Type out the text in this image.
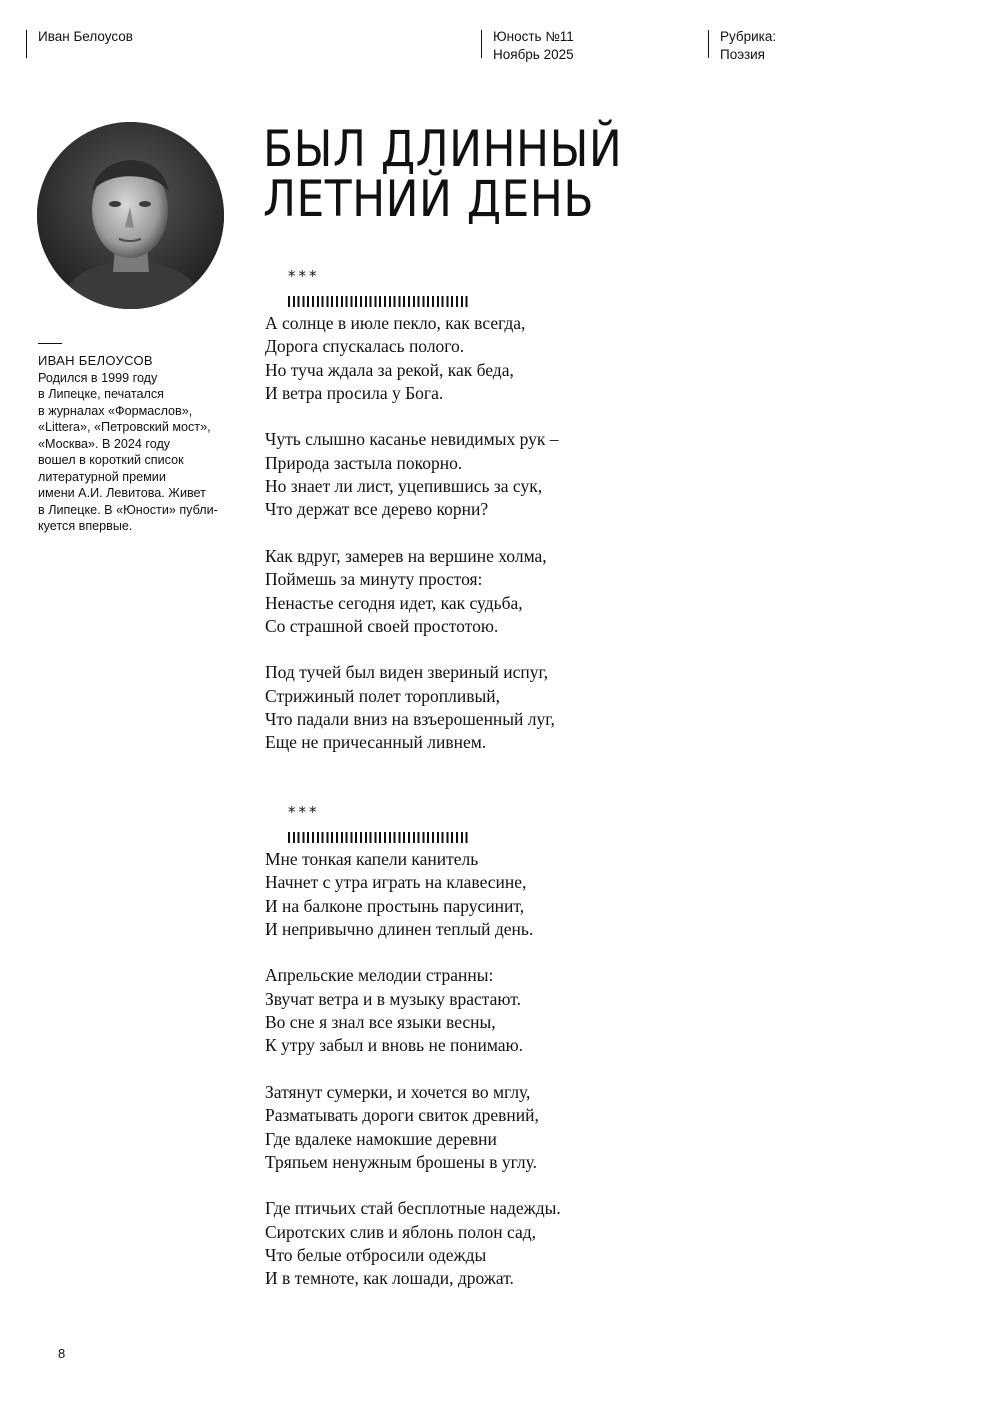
Иван Белоусов	Юность №11
Ноябрь 2025
Рубрика:
Поэзия
ИВАН БЕЛОУСОВ
Родился в 1999 году
в Липецке, печатался
в журналах «Формаслов»,
«Littera», «Петровский мост»,
«Москва». В 2024 году
вошел в короткий список
литературной премии
имени А.И. Левитова. Живет
в Липецке. В «Юности» публи-
куется впервые.
БЫЛ ДЛИННЫЙ
ЛЕТНИЙ ДЕНЬ
***
А солнце в июле пекло, как всегда,
Дорога спускалась полого.
Но туча ждала за рекой, как беда,
И ветра просила у Бога.
Чуть слышно касанье невидимых рук –
Природа застыла покорно.
Но знает ли лист, уцепившись за сук,
Что держат все дерево корни?
Как вдруг, замерев на вершине холма,
Поймешь за минуту простоя:
Ненастье сегодня идет, как судьба,
Со страшной своей простотою.
Под тучей был виден звериный испуг,
Стрижиный полет торопливый,
Что падали вниз на взъерошенный луг,
Еще не причесанный ливнем.
***
Мне тонкая капели канитель
Начнет с утра играть на клавесине,
И на балконе простынь парусинит,
И непривычно длинен теплый день.
Апрельские мелодии странны:
Звучат ветра и в музыку врастают.
Во сне я знал все языки весны,
К утру забыл и вновь не понимаю.
Затянут сумерки, и хочется во мглу,
Разматывать дороги свиток древний,
Где вдалеке намокшие деревни
Тряпьем ненужным брошены в углу.
Где птичьих стай бесплотные надежды.
Сиротских слив и яблонь полон сад,
Что белые отбросили одежды
И в темноте, как лошади, дрожат.
8
